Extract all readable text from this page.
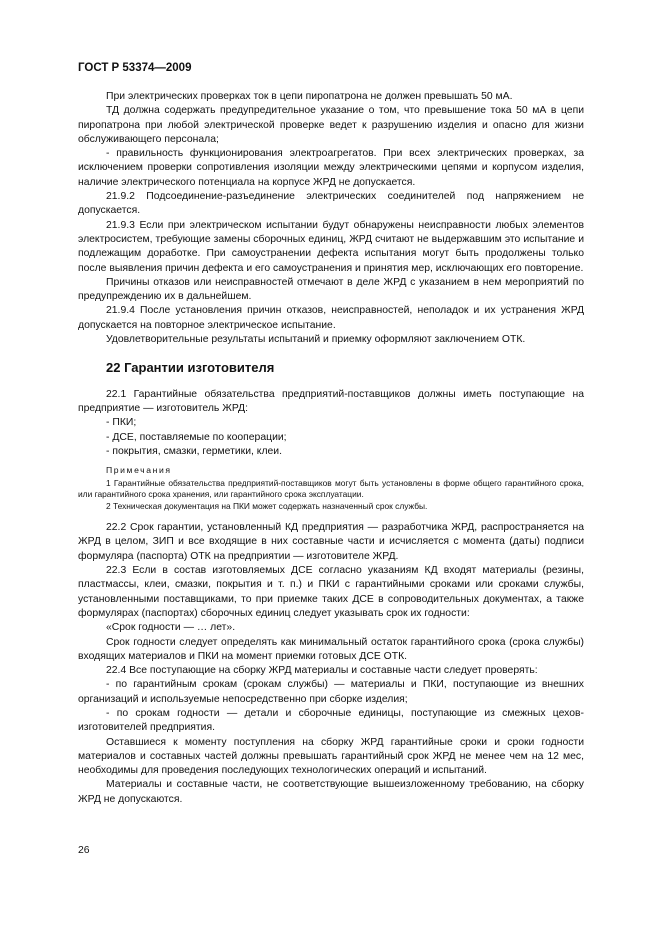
ГОСТ Р 53374—2009

При электрических проверках ток в цепи пиропатрона не должен превышать 50 мА.

ТД должна содержать предупредительное указание о том, что превышение тока 50 мА в цепи пиропатрона при любой электрической проверке ведет к разрушению изделия и опасно для жизни обслуживающего персонала;

- правильность функционирования электроагрегатов. При всех электрических проверках, за исключением проверки сопротивления изоляции между электрическими цепями и корпусом изделия, наличие электрического потенциала на корпусе ЖРД не допускается.

21.9.2 Подсоединение-разъединение электрических соединителей под напряжением не допускается.

21.9.3 Если при электрическом испытании будут обнаружены неисправности любых элементов электросистем, требующие замены сборочных единиц, ЖРД считают не выдержавшим это испытание и подлежащим доработке. При самоустранении дефекта испытания могут быть продолжены только после выявления причин дефекта и его самоустранения и принятия мер, исключающих его повторение.

Причины отказов или неисправностей отмечают в деле ЖРД с указанием в нем мероприятий по предупреждению их в дальнейшем.

21.9.4 После установления причин отказов, неисправностей, неполадок и их устранения ЖРД допускается на повторное электрическое испытание.

Удовлетворительные результаты испытаний и приемку оформляют заключением ОТК.

22 Гарантии изготовителя

22.1 Гарантийные обязательства предприятий-поставщиков должны иметь поступающие на предприятие — изготовитель ЖРД:

- ПКИ;

- ДСЕ, поставляемые по кооперации;

- покрытия, смазки, герметики, клеи.

Примечания

1 Гарантийные обязательства предприятий-поставщиков могут быть установлены в форме общего гарантийного срока, или гарантийного срока хранения, или гарантийного срока эксплуатации.

2 Техническая документация на ПКИ может содержать назначенный срок службы.

22.2 Срок гарантии, установленный КД предприятия — разработчика ЖРД, распространяется на ЖРД в целом, ЗИП и все входящие в них составные части и исчисляется с момента (даты) подписи формуляра (паспорта) ОТК на предприятии — изготовителе ЖРД.

22.3 Если в состав изготовляемых ДСЕ согласно указаниям КД входят материалы (резины, пластмассы, клеи, смазки, покрытия и т. п.) и ПКИ с гарантийными сроками или сроками службы, установленными поставщиками, то при приемке таких ДСЕ в сопроводительных документах, а также формулярах (паспортах) сборочных единиц следует указывать срок их годности:

«Срок годности — … лет».

Срок годности следует определять как минимальный остаток гарантийного срока (срока службы) входящих материалов и ПКИ на момент приемки готовых ДСЕ ОТК.

22.4 Все поступающие на сборку ЖРД материалы и составные части следует проверять:

- по гарантийным срокам (срокам службы) — материалы и ПКИ, поступающие из внешних организаций и используемые непосредственно при сборке изделия;

- по срокам годности — детали и сборочные единицы, поступающие из смежных цехов-изготовителей предприятия.

Оставшиеся к моменту поступления на сборку ЖРД гарантийные сроки и сроки годности материалов и составных частей должны превышать гарантийный срок ЖРД не менее чем на 12 мес, необходимы для проведения последующих технологических операций и испытаний.

Материалы и составные части, не соответствующие вышеизложенному требованию, на сборку ЖРД не допускаются.

26
